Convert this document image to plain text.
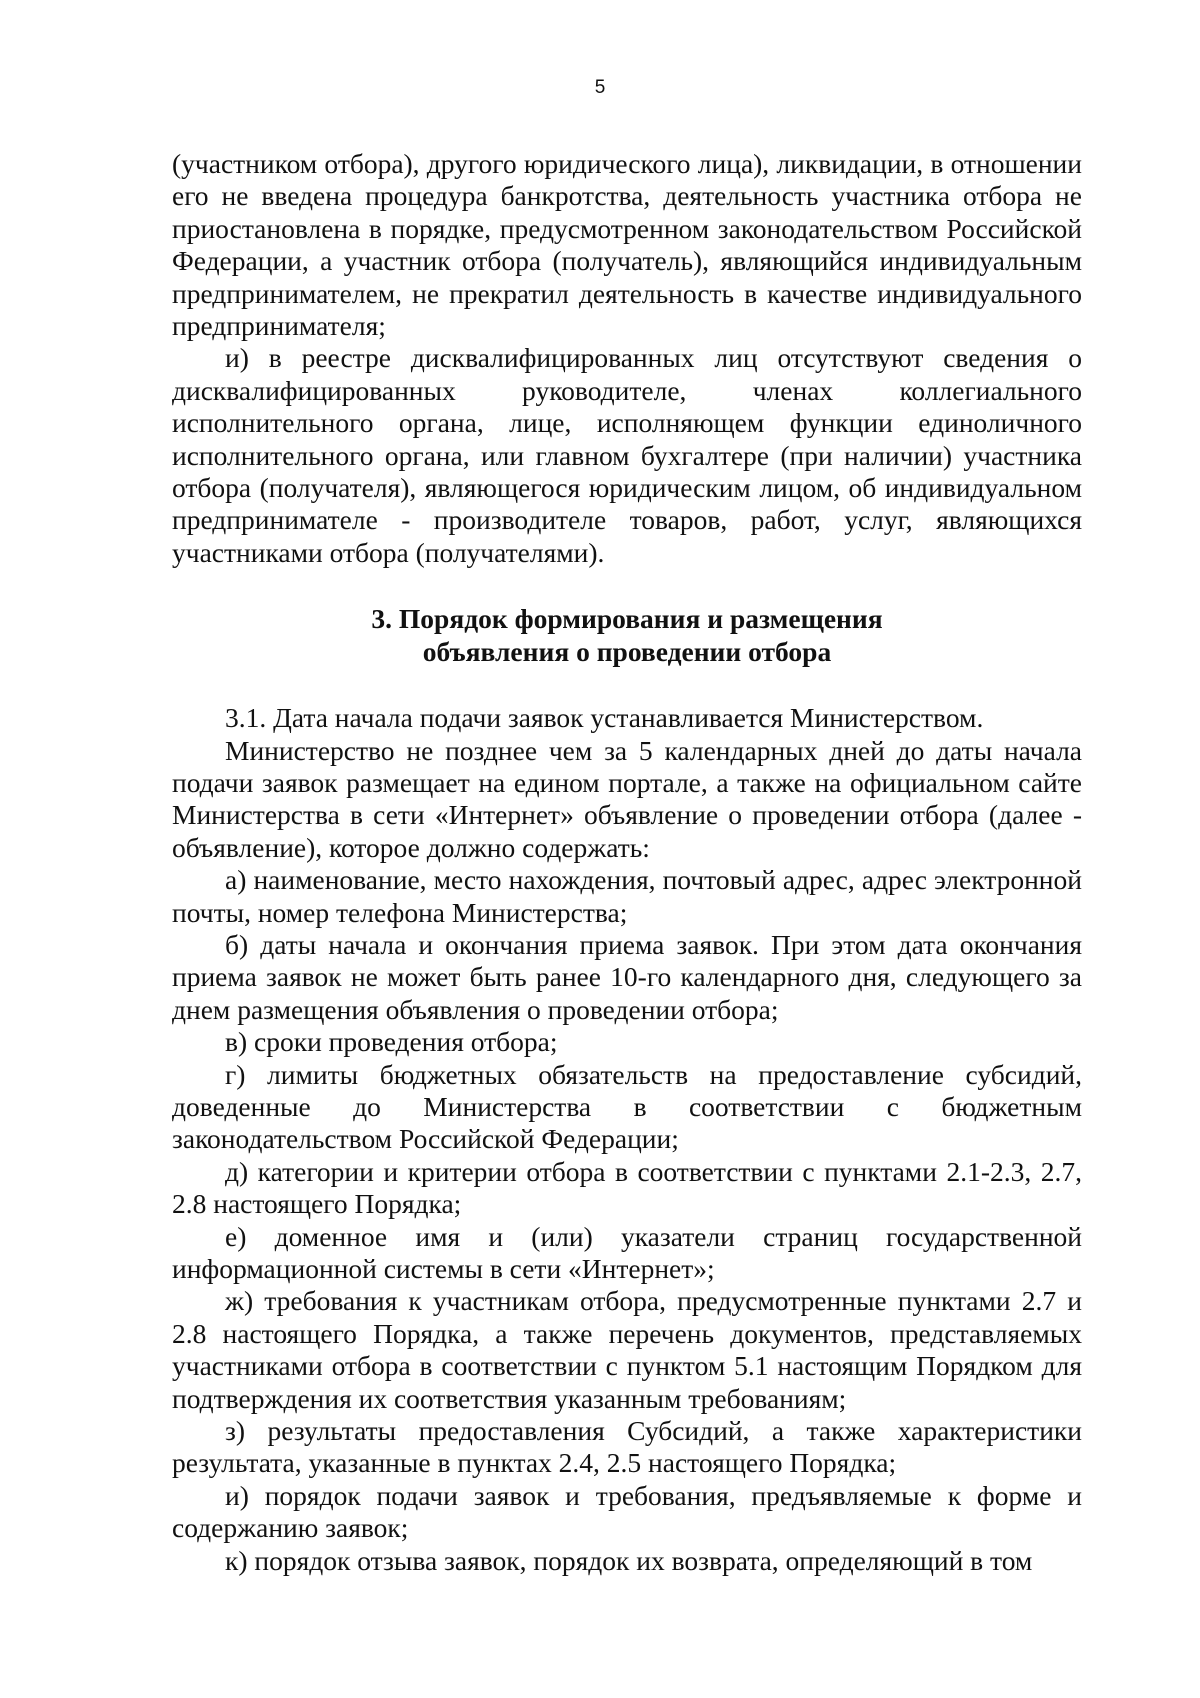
5

(участником отбора), другого юридического лица), ликвидации, в отношении его не введена процедура банкротства, деятельность участника отбора не приостановлена в порядке, предусмотренном законодательством Российской Федерации, а участник отбора (получатель), являющийся индивидуальным предпринимателем, не прекратил деятельность в качестве индивидуального предпринимателя;

и) в реестре дисквалифицированных лиц отсутствуют сведения о дисквалифицированных руководителе, членах коллегиального исполнительного органа, лице, исполняющем функции единоличного исполнительного органа, или главном бухгалтере (при наличии) участника отбора (получателя), являющегося юридическим лицом, об индивидуальном предпринимателе - производителе товаров, работ, услуг, являющихся участниками отбора (получателями).

3. Порядок формирования и размещения

объявления о проведении отбора

3.1. Дата начала подачи заявок устанавливается Министерством.

Министерство не позднее чем за 5 календарных дней до даты начала подачи заявок размещает на едином портале, а также на официальном сайте Министерства в сети «Интернет» объявление о проведении отбора (далее - объявление), которое должно содержать:

а) наименование, место нахождения, почтовый адрес, адрес электронной почты, номер телефона Министерства;

б) даты начала и окончания приема заявок. При этом дата окончания приема заявок не может быть ранее 10-го календарного дня, следующего за днем размещения объявления о проведении отбора;

в) сроки проведения отбора;

г) лимиты бюджетных обязательств на предоставление субсидий, доведенные до Министерства в соответствии с бюджетным законодательством Российской Федерации;

д) категории и критерии отбора в соответствии с пунктами 2.1-2.3, 2.7, 2.8 настоящего Порядка;

е) доменное имя и (или) указатели страниц государственной информационной системы в сети «Интернет»;

ж) требования к участникам отбора, предусмотренные пунктами 2.7 и 2.8 настоящего Порядка, а также перечень документов, представляемых участниками отбора в соответствии с пунктом 5.1 настоящим Порядком для подтверждения их соответствия указанным требованиям;

з) результаты предоставления Субсидий, а также характеристики результата, указанные в пунктах 2.4, 2.5 настоящего Порядка;

и) порядок подачи заявок и требования, предъявляемые к форме и содержанию заявок;

к) порядок отзыва заявок, порядок их возврата, определяющий в том
